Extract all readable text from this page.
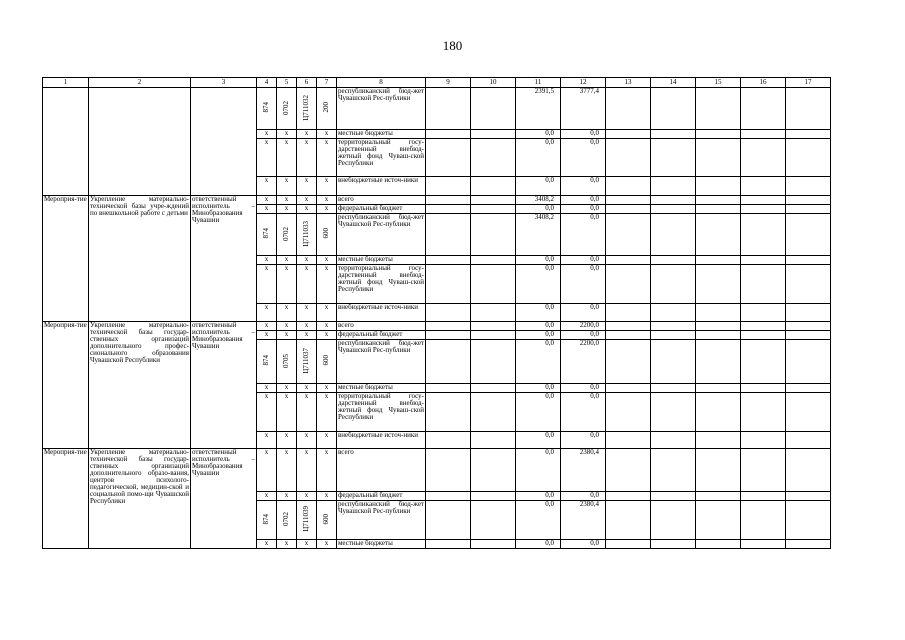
180
1	2	3	4	5	6	7	8	9	10	11	12	13	14	15	16	17
			874	0702	Ц711032	200	республиканский бюд-жет Чувашской Рес-публики			2391,5	3777,4					
			х	х	х	х	местные бюджеты			0,0	0,0					
			х	х	х	х	территориальный госу-дарственный внебюд-жетный фонд Чуваш-ской Республики			0,0	0,0					
			х	х	х	х	внебюджетные источ-ники			0,0	0,0					
Мероприя-тие	Укрепление материально-технической базы учре-ждений по внешкольной работе с детьми	ответственный исполнитель – Минобразования Чувашии	х	х	х	х	всего			3408,2	0,0					
			х	х	х	х	федеральный бюджет			0,0	0,0					
			874	0702	Ц711033	600	республиканский бюд-жет Чувашской Рес-публики			3408,2	0,0					
			х	х	х	х	местные бюджеты			0,0	0,0					
			х	х	х	х	территориальный госу-дарственный внебюд-жетный фонд Чуваш-ской Республики			0,0	0,0					
			х	х	х	х	внебюджетные источ-ники			0,0	0,0					
Мероприя-тие	Укрепление материально-технической базы государ-ственных организаций дополнительного профес-сионального образования Чувашской Республики	ответственный исполнитель – Минобразования Чувашии	х	х	х	х	всего			0,0	2200,0					
			х	х	х	х	федеральный бюджет			0,0	0,0					
			874	0705	Ц711037	600	республиканский бюд-жет Чувашской Рес-публики			0,0	2200,0					
			х	х	х	х	местные бюджеты			0,0	0,0					
			х	х	х	х	территориальный госу-дарственный внебюд-жетный фонд Чуваш-ской Республики			0,0	0,0					
			х	х	х	х	внебюджетные источ-ники			0,0	0,0					
Мероприя-тие	Укрепление материально-технической базы государ-ственных организаций дополнительного образо-вания, центров психолого-педагогической, медицин-ской и социальной помо-щи Чувашской Республики	ответственный исполнитель – Минобразования Чувашии	х	х	х	х	всего			0,0	2380,4					
			х	х	х	х	федеральный бюджет			0,0	0,0					
			874	0702	Ц711039	600	республиканский бюд-жет Чувашской Рес-публики			0,0	2380,4					
			х	х	х	х	местные бюджеты			0,0	0,0					
